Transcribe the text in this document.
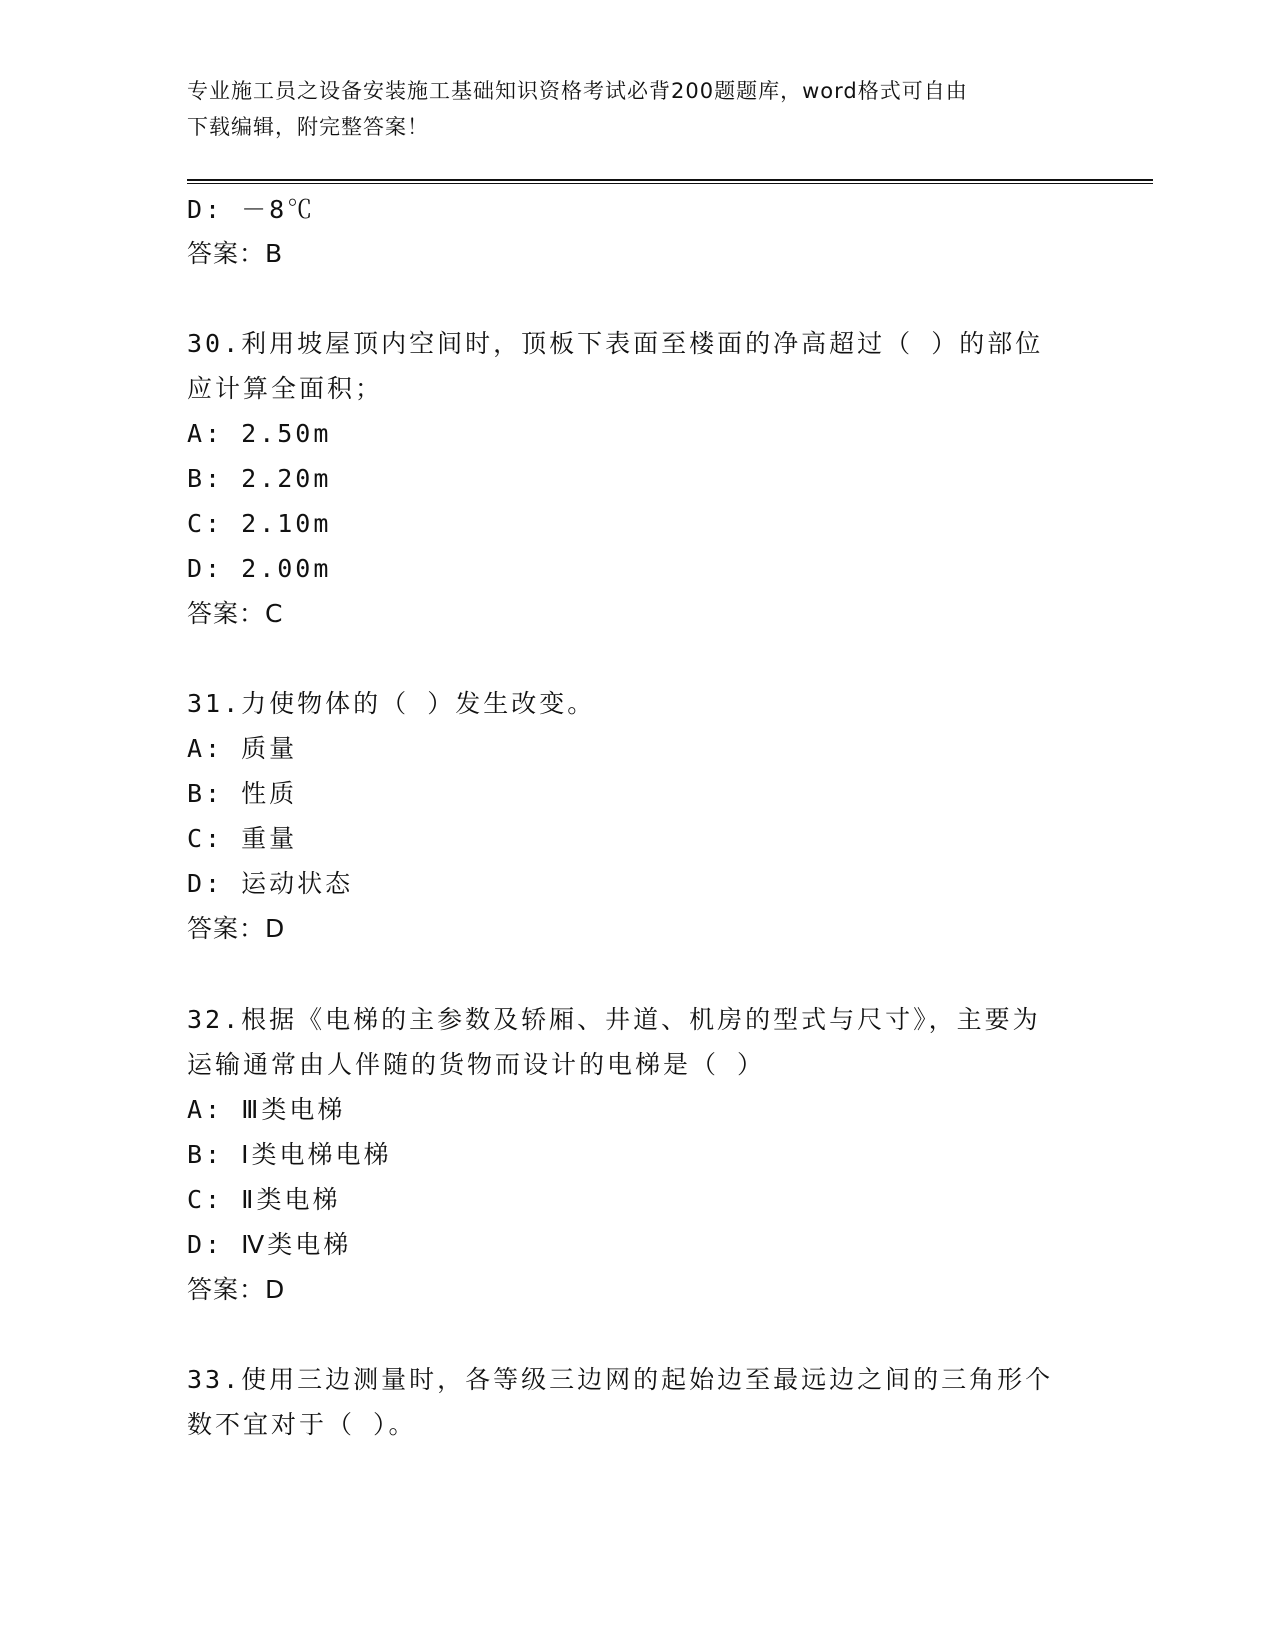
专业施工员之设备安装施工基础知识资格考试必背200题题库，word格式可自由
下载编辑，附完整答案！
D: －8℃
答案：B
30.利用坡屋顶内空间时，顶板下表面至楼面的净高超过（ ）的部位
应计算全面积；
A: 2.50m
B: 2.20m
C: 2.10m
D: 2.00m
答案：C
31.力使物体的（ ）发生改变。
A: 质量
B: 性质
C: 重量
D: 运动状态
答案：D
32.根据《电梯的主参数及轿厢、井道、机房的型式与尺寸》，主要为
运输通常由人伴随的货物而设计的电梯是（ ）
A: Ⅲ类电梯
B: Ⅰ类电梯电梯
C: Ⅱ类电梯
D: Ⅳ类电梯
答案：D
33.使用三边测量时，各等级三边网的起始边至最远边之间的三角形个
数不宜对于（ ）。
